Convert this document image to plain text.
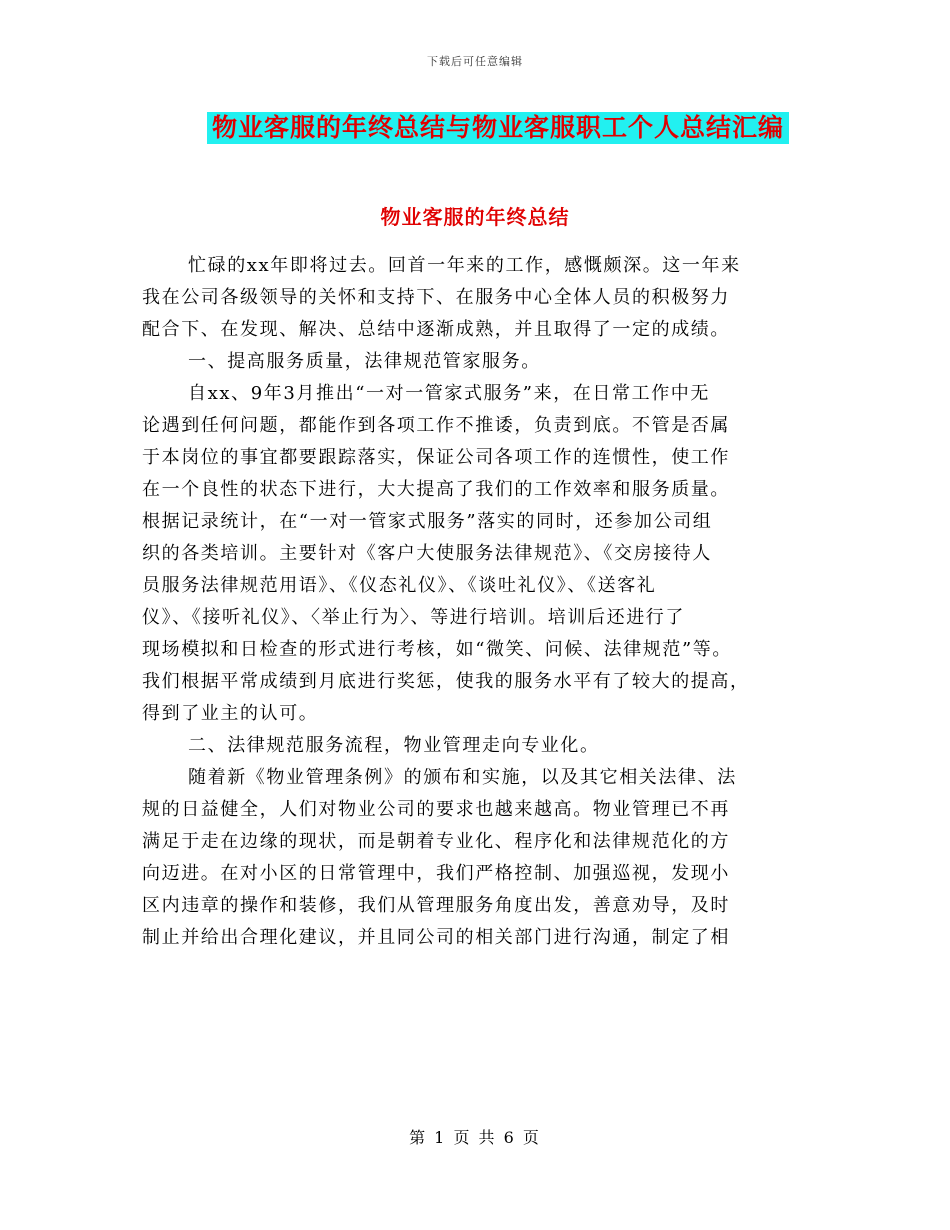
下载后可任意编辑
物业客服的年终总结与物业客服职工个人总结汇编
物业客服的年终总结
忙碌的xx年即将过去。回首一年来的工作，感慨颇深。这一年来
我在公司各级领导的关怀和支持下、在服务中心全体人员的积极努力
配合下、在发现、解决、总结中逐渐成熟，并且取得了一定的成绩。
一、提高服务质量，法律规范管家服务。
自xx、9年3月推出“一对一管家式服务”来，在日常工作中无
论遇到任何问题，都能作到各项工作不推诿，负责到底。不管是否属
于本岗位的事宜都要跟踪落实，保证公司各项工作的连惯性，使工作
在一个良性的状态下进行，大大提高了我们的工作效率和服务质量。
根据记录统计，在“一对一管家式服务”落实的同时，还参加公司组
织的各类培训。主要针对《客户大使服务法律规范》、《交房接待人
员服务法律规范用语》、《仪态礼仪》、《谈吐礼仪》、《送客礼
仪》、《接听礼仪》、〈举止行为〉、等进行培训。培训后还进行了
现场模拟和日检查的形式进行考核，如“微笑、问候、法律规范”等。
我们根据平常成绩到月底进行奖惩，使我的服务水平有了较大的提高，
得到了业主的认可。
二、法律规范服务流程，物业管理走向专业化。
随着新《物业管理条例》的颁布和实施，以及其它相关法律、法
规的日益健全，人们对物业公司的要求也越来越高。物业管理已不再
满足于走在边缘的现状，而是朝着专业化、程序化和法律规范化的方
向迈进。在对小区的日常管理中，我们严格控制、加强巡视，发现小
区内违章的操作和装修，我们从管理服务角度出发，善意劝导，及时
制止并给出合理化建议，并且同公司的相关部门进行沟通，制定了相
第 1 页 共 6 页
